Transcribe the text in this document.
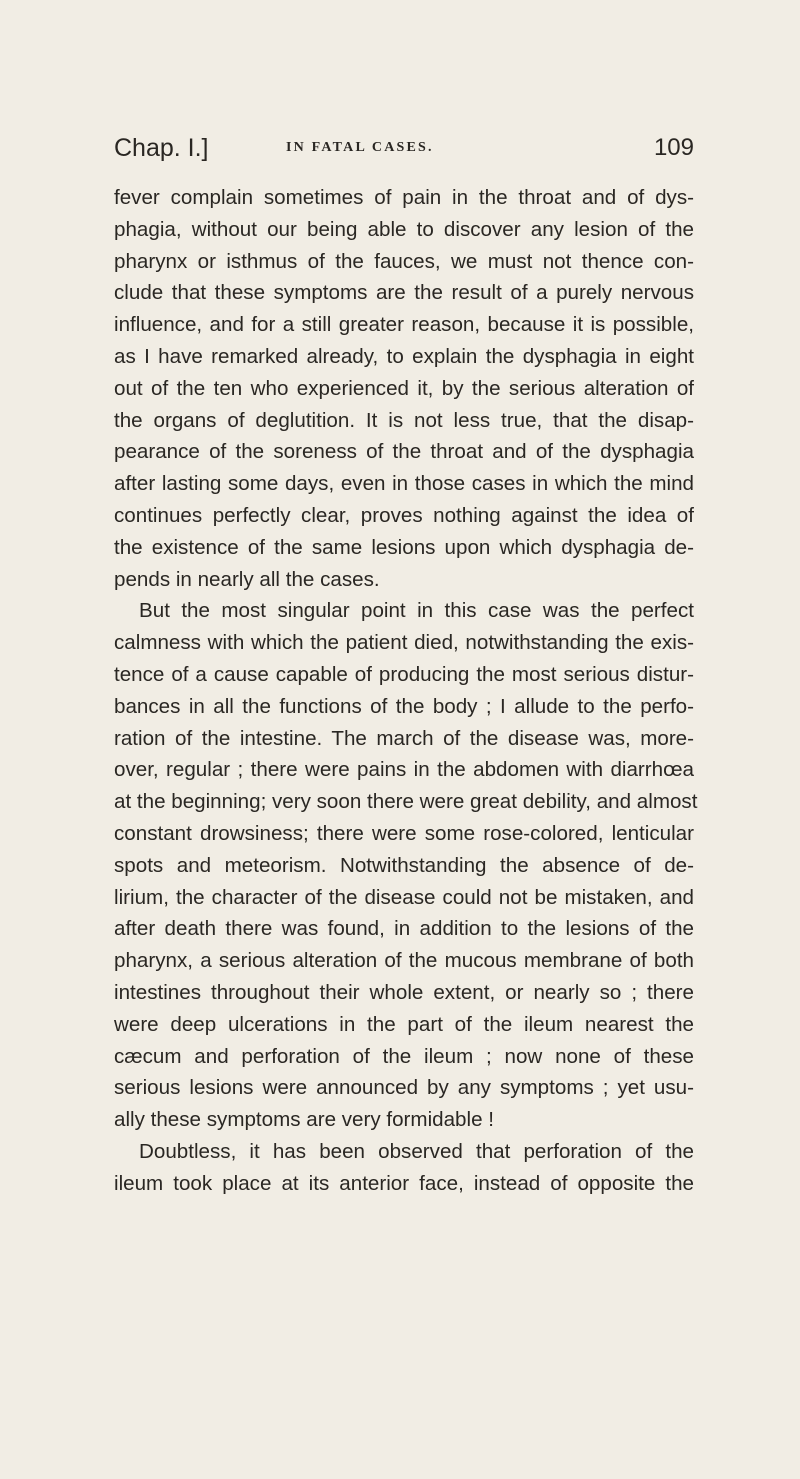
Chap. I.]	IN FATAL CASES.	109
fever complain sometimes of pain in the throat and of dys-
phagia, without our being able to discover any lesion of the
pharynx or isthmus of the fauces, we must not thence con-
clude that these symptoms are the result of a purely nervous
influence, and for a still greater reason, because it is possible,
as I have remarked already, to explain the dysphagia in eight
out of the ten who experienced it, by the serious alteration of
the organs of deglutition. It is not less true, that the disap-
pearance of the soreness of the throat and of the dysphagia
after lasting some days, even in those cases in which the mind
continues perfectly clear, proves nothing against the idea of
the existence of the same lesions upon which dysphagia de-
pends in nearly all the cases.
But the most singular point in this case was the perfect
calmness with which the patient died, notwithstanding the exis-
tence of a cause capable of producing the most serious distur-
bances in all the functions of the body ; I allude to the perfo-
ration of the intestine. The march of the disease was, more-
over, regular ; there were pains in the abdomen with diarrhœa
at the beginning; very soon there were great debility, and almost
constant drowsiness; there were some rose-colored, lenticular
spots and meteorism. Notwithstanding the absence of de-
lirium, the character of the disease could not be mistaken, and
after death there was found, in addition to the lesions of the
pharynx, a serious alteration of the mucous membrane of both
intestines throughout their whole extent, or nearly so ; there
were deep ulcerations in the part of the ileum nearest the
cæcum and perforation of the ileum ; now none of these
serious lesions were announced by any symptoms ; yet usu-
ally these symptoms are very formidable !
Doubtless, it has been observed that perforation of the
ileum took place at its anterior face, instead of opposite the
